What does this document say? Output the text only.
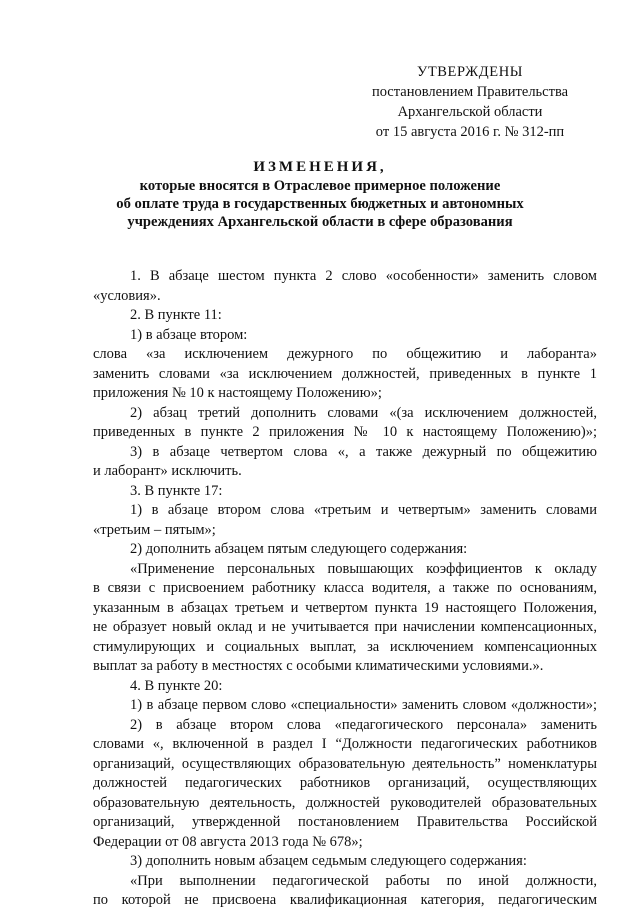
УТВЕРЖДЕНЫ
постановлением Правительства
Архангельской области
от 15 августа 2016 г. № 312-пп
ИЗМЕНЕНИЯ,
которые вносятся в Отраслевое примерное положение
об оплате труда в государственных бюджетных и автономных
учреждениях Архангельской области в сфере образования
1. В абзаце шестом пункта 2 слово «особенности» заменить словом
«условия».
2. В пункте 11:
1) в абзаце втором:
слова «за исключением дежурного по общежитию и лаборанта»
заменить словами «за исключением должностей, приведенных в пункте 1
приложения № 10 к настоящему Положению»;
2) абзац третий дополнить словами «(за исключением должностей,
приведенных в пункте 2 приложения № 10 к настоящему Положению)»;
3) в абзаце четвертом слова «, а также дежурный по общежитию
и лаборант» исключить.
3. В пункте 17:
1) в абзаце втором слова «третьим и четвертым» заменить словами
«третьим – пятым»;
2) дополнить абзацем пятым следующего содержания:
«Применение персональных повышающих коэффициентов к окладу
в связи с присвоением работнику класса водителя, а также по основаниям,
указанным в абзацах третьем и четвертом пункта 19 настоящего Положения,
не образует новый оклад и не учитывается при начислении компенсационных,
стимулирующих и социальных выплат, за исключением компенсационных
выплат за работу в местностях с особыми климатическими условиями.».
4. В пункте 20:
1) в абзаце первом слово «специальности» заменить словом «должности»;
2) в абзаце втором слова «педагогического персонала» заменить
словами «, включенной в раздел I “Должности педагогических работников
организаций, осуществляющих образовательную деятельность” номенклатуры
должностей педагогических работников организаций, осуществляющих
образовательную деятельность, должностей руководителей образовательных
организаций, утвержденной постановлением Правительства Российской
Федерации от 08 августа 2013 года № 678»;
3) дополнить новым абзацем седьмым следующего содержания:
«При выполнении педагогической работы по иной должности,
по которой не присвоена квалификационная категория, педагогическим
